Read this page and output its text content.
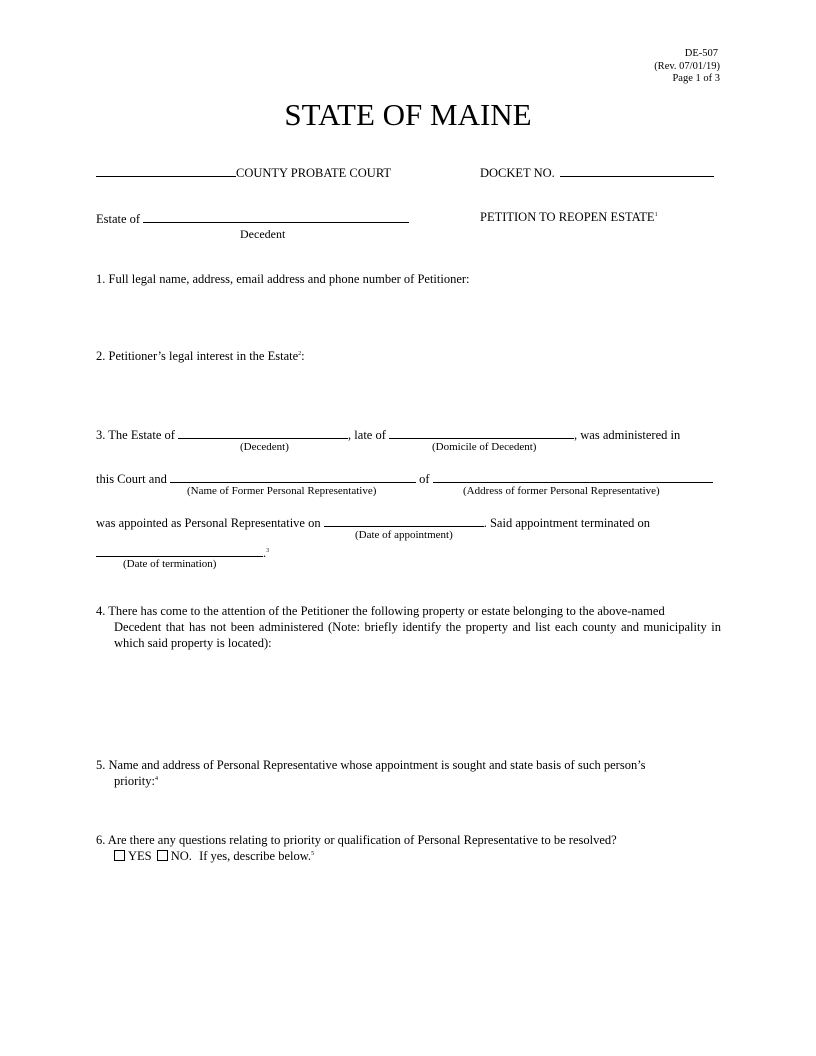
DE-507
(Rev. 07/01/19)
Page 1 of 3
STATE OF MAINE
COUNTY PROBATE COURT	DOCKET NO.
Estate of
Decedent
PETITION TO REOPEN ESTATE$^1$
1. Full legal name, address, email address and phone number of Petitioner:
2. Petitioner’s legal interest in the Estate$^2$:
3. The Estate of	, late of	, was administered in
(Decedent)	(Domicile of Decedent)
this Court and	of
(Name of Former Personal Representative)	(Address of former Personal Representative)
was appointed as Personal Representative on	. Said appointment terminated on
(Date of appointment)
.$^3$
(Date of termination)
4. There has come to the attention of the Petitioner the following property or estate belonging to the above-named
Decedent that has not been administered (Note: briefly identify the property and list each county and municipality in which said property is located):
5. Name and address of Personal Representative whose appointment is sought and state basis of such person’s
priority:$^4$
6. Are there any questions relating to priority or qualification of Personal Representative to be resolved?
YES NO. If yes, describe below.$^5$
